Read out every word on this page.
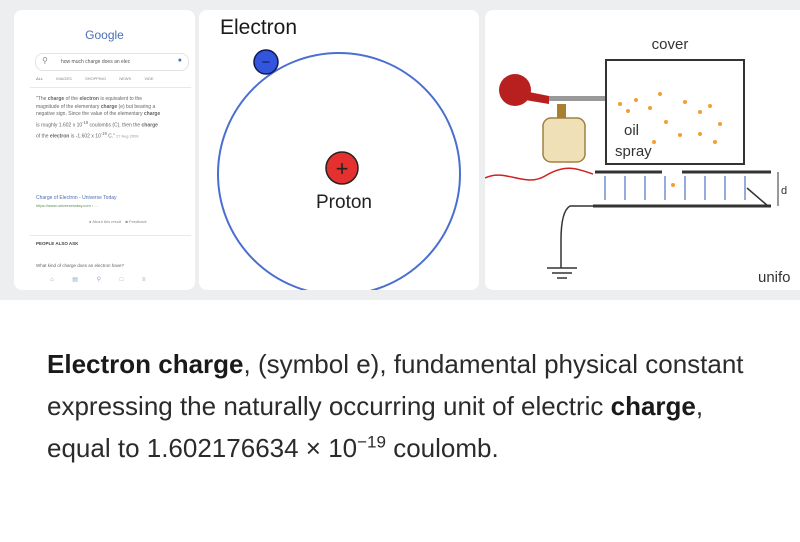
Google
⚲	how much charge does an elec	●
ALL	IMAGES	SHOPPING	NEWS	VIDE
"The charge of the electron is equivalent to the magnitude of the elementary charge (e) but bearing a negative sign. Since the value of the elementary charge is roughly 1.602 x $10^{-19}$ coulombs (C), then the charge of the electron is -1.602 x $10^{-19}$ C." 27 Aug 2009
Charge of Electron - Universe Today
https://www.universetoday.com › ...
● About this result ■ Feedback
PEOPLE ALSO ASK
What kind of charge does an electron have?
⌂	▤	⚲	□	≡
−
+
Proton
Electron
cover
oil
spray
d
unifo
Electron charge, (symbol e), fundamental physical constant expressing the naturally occurring unit of electric charge, equal to $1.602176634 \times 10^{-19}$ coulomb.
